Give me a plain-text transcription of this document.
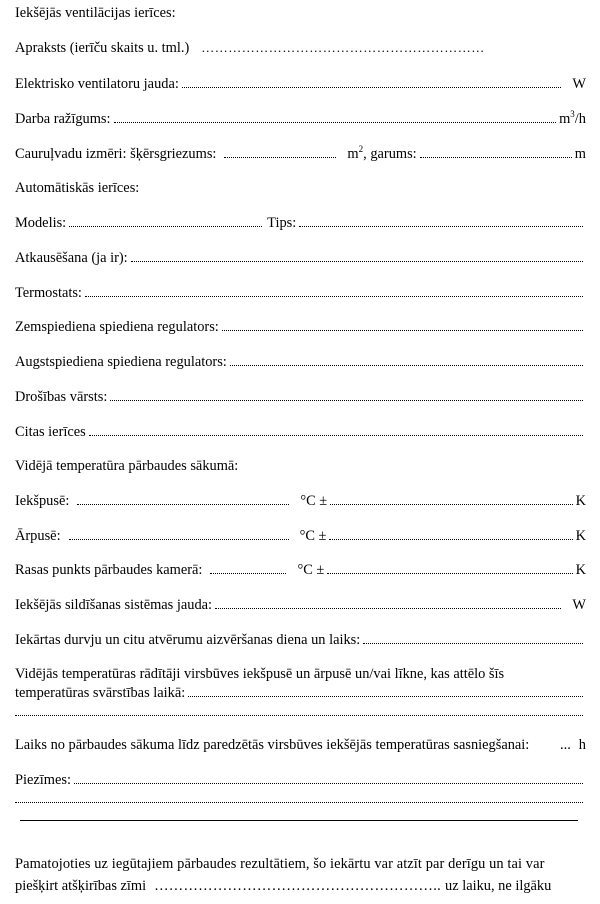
Iekšējās ventilācijas ierīces:
Apraksts (ierīču skaits u. tml.) ………………………………………………………
Elektrisko ventilatoru jauda:	W
Darba ražīgums:	$m^3/h$
Cauruļvadu izmēri: šķērsgriezums:	$m^2$ , garums:	m
Automātiskās ierīces:
Modelis:	Tips:
Atkausēšana (ja ir):
Termostats:
Zemspiediena spiediena regulators:
Augstspiediena spiediena regulators:
Drošības vārsts:
Citas ierīces
Vidējā temperatūra pārbaudes sākumā:
Iekšpusē:	°C ±	K
Ārpusē:	°C ±	K
Rasas punkts pārbaudes kamerā:	°C ±	K
Iekšējās sildīšanas sistēmas jauda:	W
Iekārtas durvju un citu atvērumu aizvēršanas diena un laiks:
Vidējās temperatūras rādītāji virsbūves iekšpusē un ārpusē un/vai līkne, kas attēlo šīs
temperatūras svārstības laikā:
Laiks no pārbaudes sākuma līdz paredzētās virsbūves iekšējās temperatūras sasniegšanai: ... h
Piezīmes:
Pamatojoties uz iegūtajiem pārbaudes rezultātiem, šo iekārtu var atzīt par derīgu un tai var
piešķirt atšķirības zīmi ………………………………………………….. uz laiku, ne ilgāku
